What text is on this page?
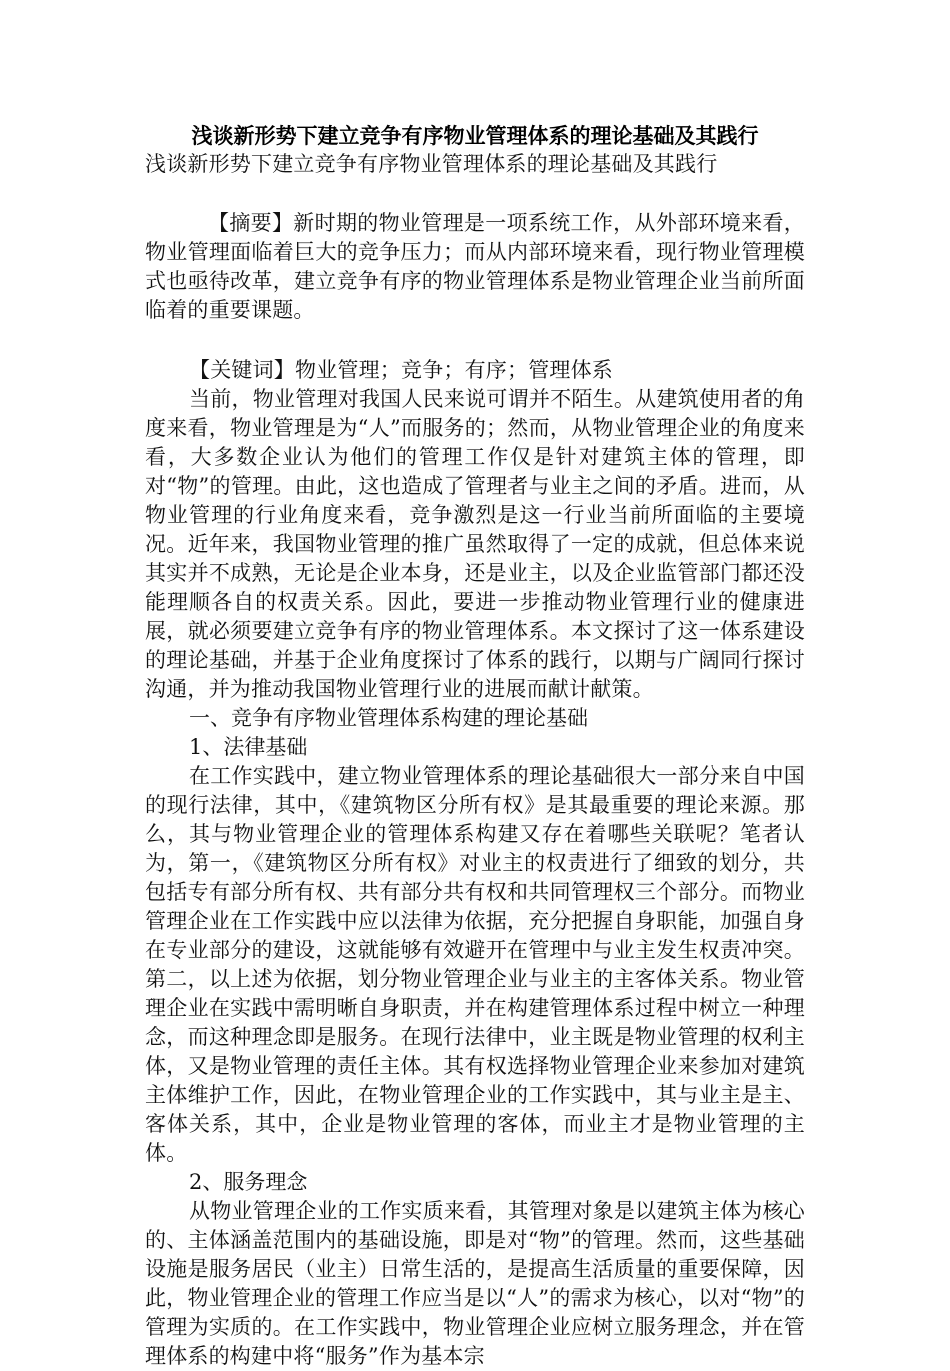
浅谈新形势下建立竞争有序物业管理体系的理论基础及其践行
浅谈新形势下建立竞争有序物业管理体系的理论基础及其践行

【摘要】新时期的物业管理是一项系统工作，从外部环境来看，物业管理面临着巨大的竞争压力；而从内部环境来看，现行物业管理模式也亟待改革，建立竞争有序的物业管理体系是物业管理企业当前所面临着的重要课题。

【关键词】物业管理；竞争；有序；管理体系

当前，物业管理对我国人民来说可谓并不陌生。从建筑使用者的角度来看，物业管理是为“人”而服务的；然而，从物业管理企业的角度来看，大多数企业认为他们的管理工作仅是针对建筑主体的管理，即对“物”的管理。由此，这也造成了管理者与业主之间的矛盾。进而，从物业管理的行业角度来看，竞争激烈是这一行业当前所面临的主要境况。近年来，我国物业管理的推广虽然取得了一定的成就，但总体来说其实并不成熟，无论是企业本身，还是业主，以及企业监管部门都还没能理顺各自的权责关系。因此，要进一步推动物业管理行业的健康进展，就必须要建立竞争有序的物业管理体系。本文探讨了这一体系建设的理论基础，并基于企业角度探讨了体系的践行，以期与广阔同行探讨沟通，并为推动我国物业管理行业的进展而献计献策。

一、竞争有序物业管理体系构建的理论基础
1、法律基础

在工作实践中，建立物业管理体系的理论基础很大一部分来自中国的现行法律，其中，《建筑物区分所有权》是其最重要的理论来源。那么，其与物业管理企业的管理体系构建又存在着哪些关联呢？笔者认为，第一，《建筑物区分所有权》对业主的权责进行了细致的划分，共包括专有部分所有权、共有部分共有权和共同管理权三个部分。而物业管理企业在工作实践中应以法律为依据，充分把握自身职能，加强自身在专业部分的建设，这就能够有效避开在管理中与业主发生权责冲突。第二，以上述为依据，划分物业管理企业与业主的主客体关系。物业管理企业在实践中需明晰自身职责，并在构建管理体系过程中树立一种理念，而这种理念即是服务。在现行法律中，业主既是物业管理的权利主体，又是物业管理的责任主体。其有权选择物业管理企业来参加对建筑主体维护工作，因此，在物业管理企业的工作实践中，其与业主是主、客体关系，其中，企业是物业管理的客体，而业主才是物业管理的主体。

2、服务理念

从物业管理企业的工作实质来看，其管理对象是以建筑主体为核心的、主体涵盖范围内的基础设施，即是对“物”的管理。然而，这些基础设施是服务居民（业主）日常生活的，是提高生活质量的重要保障，因此，物业管理企业的管理工作应当是以“人”的需求为核心，以对“物”的管理为实质的。在工作实践中，物业管理企业应树立服务理念，并在管理体系的构建中将“服务”作为基本宗
